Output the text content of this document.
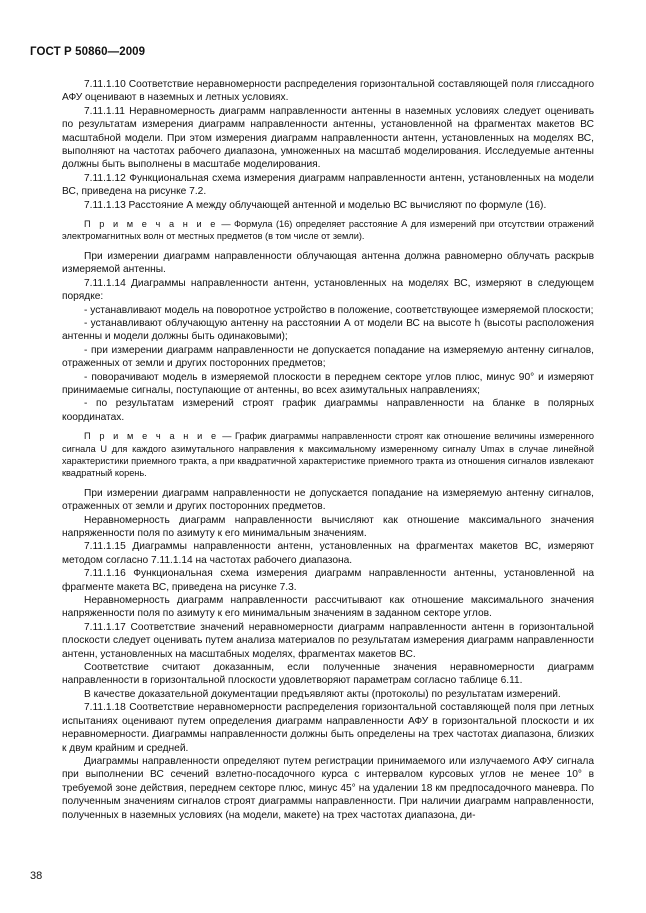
ГОСТ Р 50860—2009

7.11.1.10 Соответствие неравномерности распределения горизонтальной составляющей поля глиссадного АФУ оценивают в наземных и летных условиях.

7.11.1.11 Неравномерность диаграмм направленности антенны в наземных условиях следует оценивать по результатам измерения диаграмм направленности антенны, установленной на фрагментах макетов ВС масштабной модели. При этом измерения диаграмм направленности антенн, установленных на моделях ВС, выполняют на частотах рабочего диапазона, умноженных на масштаб моделирования. Исследуемые антенны должны быть выполнены в масштабе моделирования.

7.11.1.12 Функциональная схема измерения диаграмм направленности антенн, установленных на модели ВС, приведена на рисунке 7.2.

7.11.1.13 Расстояние А между облучающей антенной и моделью ВС вычисляют по формуле (16).

П р и м е ч а н и е — Формула (16) определяет расстояние А для измерений при отсутствии отражений электромагнитных волн от местных предметов (в том числе от земли).

При измерении диаграмм направленности облучающая антенна должна равномерно облучать раскрыв измеряемой антенны.

7.11.1.14 Диаграммы направленности антенн, установленных на моделях ВС, измеряют в следующем порядке:

- устанавливают модель на поворотное устройство в положение, соответствующее измеряемой плоскости;

- устанавливают облучающую антенну на расстоянии А от модели ВС на высоте h (высоты расположения антенны и модели должны быть одинаковыми);

- при измерении диаграмм направленности не допускается попадание на измеряемую антенну сигналов, отраженных от земли и других посторонних предметов;

- поворачивают модель в измеряемой плоскости в переднем секторе углов плюс, минус 90° и измеряют принимаемые сигналы, поступающие от антенны, во всех азимутальных направлениях;

- по результатам измерений строят график диаграммы направленности на бланке в полярных координатах.

П р и м е ч а н и е — График диаграммы направленности строят как отношение величины измеренного сигнала U для каждого азимутального направления к максимальному измеренному сигналу Umax в случае линейной характеристики приемного тракта, а при квадратичной характеристике приемного тракта из отношения сигналов извлекают квадратный корень.

При измерении диаграмм направленности не допускается попадание на измеряемую антенну сигналов, отраженных от земли и других посторонних предметов.

Неравномерность диаграмм направленности вычисляют как отношение максимального значения напряженности поля по азимуту к его минимальным значениям.

7.11.1.15 Диаграммы направленности антенн, установленных на фрагментах макетов ВС, измеряют методом согласно 7.11.1.14 на частотах рабочего диапазона.

7.11.1.16 Функциональная схема измерения диаграмм направленности антенны, установленной на фрагменте макета ВС, приведена на рисунке 7.3.

Неравномерность диаграмм направленности рассчитывают как отношение максимального значения напряженности поля по азимуту к его минимальным значениям в заданном секторе углов.

7.11.1.17 Соответствие значений неравномерности диаграмм направленности антенн в горизонтальной плоскости следует оценивать путем анализа материалов по результатам измерения диаграмм направленности антенн, установленных на масштабных моделях, фрагментах макетов ВС.

Соответствие считают доказанным, если полученные значения неравномерности диаграмм направленности в горизонтальной плоскости удовлетворяют параметрам согласно таблице 6.11.

В качестве доказательной документации предъявляют акты (протоколы) по результатам измерений.

7.11.1.18 Соответствие неравномерности распределения горизонтальной составляющей поля при летных испытаниях оценивают путем определения диаграмм направленности АФУ в горизонтальной плоскости и их неравномерности. Диаграммы направленности должны быть определены на трех частотах диапазона, близких к двум крайним и средней.

Диаграммы направленности определяют путем регистрации принимаемого или излучаемого АФУ сигнала при выполнении ВС сечений взлетно-посадочного курса с интервалом курсовых углов не менее 10° в требуемой зоне действия, переднем секторе плюс, минус 45° на удалении 18 км предпосадочного маневра. По полученным значениям сигналов строят диаграммы направленности. При наличии диаграмм направленности, полученных в наземных условиях (на модели, макете) на трех частотах диапазона, ди-

38
